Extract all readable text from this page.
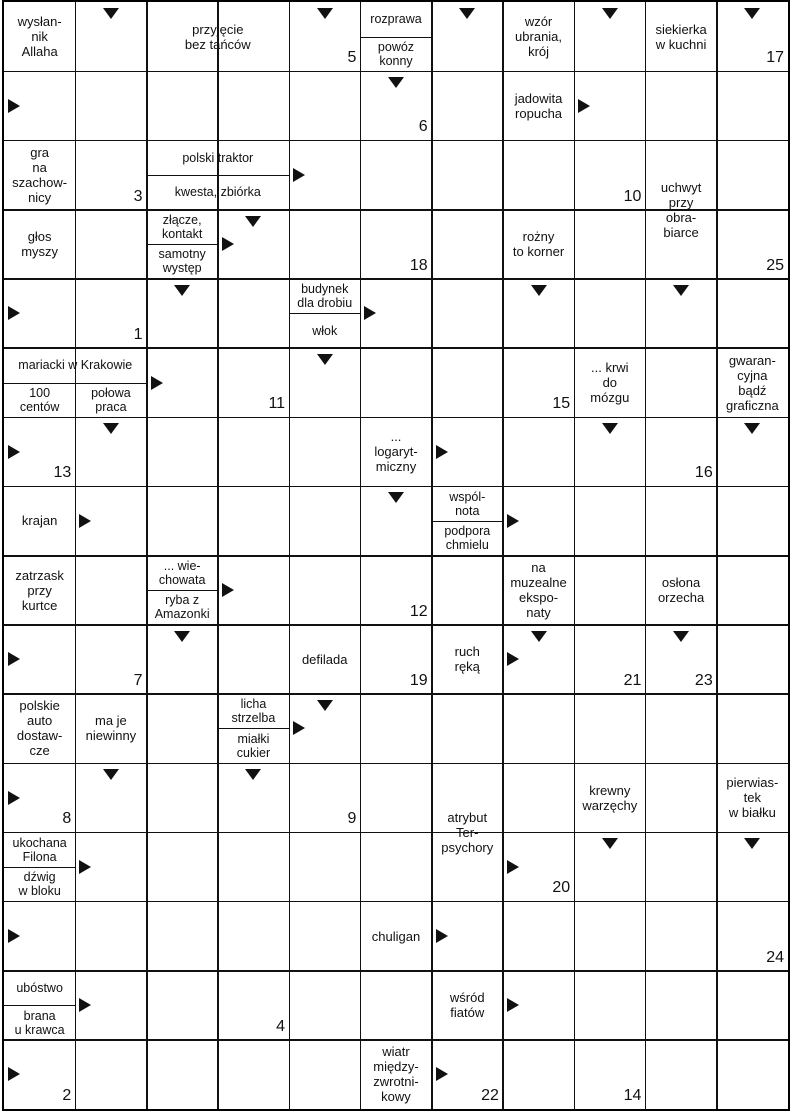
wysłan-
nik
Allaha
przyjęcie
bez tańców
rozprawa
powóz
konny
wzór
ubrania,
krój
siekierka
w kuchni
jadowita
ropucha
gra
na
szachow-
nicy
polski traktor
kwesta, zbiórka	uchwyt
przy
obra-
biarce
głos
myszy
złącze,
kontakt
samotny
występ
rożny
to korner
budynek
dla drobiu
włok
mariacki w Krakowie
100
centów
połowa
praca
... krwi
do
mózgu
gwaran-
cyjna
bądź
graficzna
...
logaryt-
miczny
krajan
wspól-
nota
podpora
chmielu
zatrzask
przy
kurtce
... wie-
chowata
ryba z
Amazonki
na
muzealne
ekspo-
naty
osłona
orzecha
defilada	ruch
ręką
polskie
auto
dostaw-
cze
ma je
niewinny
licha
strzelba
miałki
cukier
krewny
warzęchy
pierwias-
tek
w białku
atrybut
Ter-
psychory
ukochana
Filona
dźwig
w bloku
chuligan
ubóstwo
brana
u krawca
wśród
fiatów
wiatr
między-
zwrotni-
kowy
5	17
6
3	10
18	25
1
11	15
13	16
12
7	19	21	23
8	9
20
24
4
2	22	14
